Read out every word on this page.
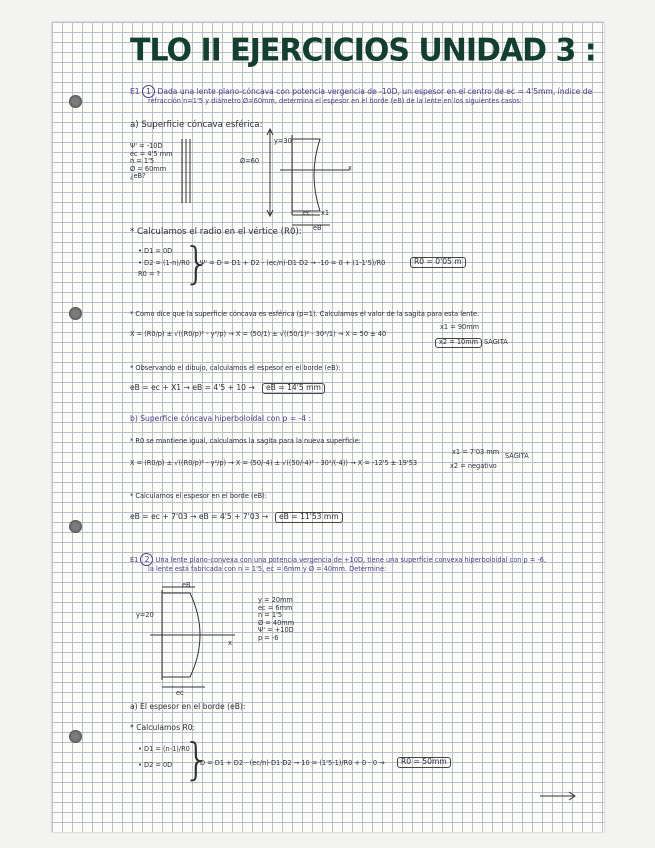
TLO II EJERCICIOS UNIDAD 3 :
E1 1 Dada una lente plano-cóncava con potencia vergencia de -10D, un espesor en el centro de ec = 4'5mm, índice de
refracción n=1'5 y diámetro Ø=60mm, determina el espesor en el borde (eB) de la lente en los siguientes casos:
a) Superficie cóncava esférica:
Ψ' = -10D
ec = 4'5 mm
n = 1'5
Ø = 60mm
¿eB?
y=30
Ø=60
x
ec x1
eB
* Calculamos el radio en el vértice (R0):
• D1 = 0D
• D2 = (1-n)/R0
R0 = ? }
Ψ' = D = D1 + D2 - (ec/n)·D1·D2 → -10 = 0 + (1-1'5)/R0	R0 = 0'05 m
* Como dice que la superficie cóncava es esférica (p=1). Calculamos el valor de la sagita para esta lente.
X = (R0/p) ± √((R0/p)² - y²/p) → X = (50/1) ± √((50/1)² - 30²/1) → X = 50 ± 40
x1 = 90mm
x2 = 10mm SAGITA
* Observando el dibujo, calculamos el espesor en el borde (eB):
eB = ec + X1 → eB = 4'5 + 10 →	eB = 14'5 mm
b) Superficie cóncava hiperboloidal con p = -4 :
* R0 se mantiene igual, calculamos la sagita para la nueva superficie:
X = (R0/p) ± √((R0/p)² - y²/p) → X = (50/-4) ± √((50/-4)² - 30²/(-4)) → X = -12'5 ± 19'53
x1 = 7'03 mm
x2 = negativo
SAGITA
* Calculamos el espesor en el borde (eB):
eB = ec + 7'03 → eB = 4'5 + 7'03 →	eB = 11'53 mm
E1 2 Una lente plano-convexa con una potencia vergencia de +10D, tiene una superficie convexa hiperboloidal con p = -6,
la lente está fabricada con n = 1'5, ec = 6mm y Ø = 40mm. Determine:
y=20
eB
ec
x
y = 20mm
ec = 6mm
n = 1'5
Ø = 40mm
Ψ' = +10D
p = -6
a) El espesor en el borde (eB):
* Calculamos R0:
• D1 = (n-1)/R0
• D2 = 0D }
D = D1 + D2 - (ec/n)·D1·D2 → 10 = (1'5-1)/R0 + 0 - 0 →	R0 = 50mm
